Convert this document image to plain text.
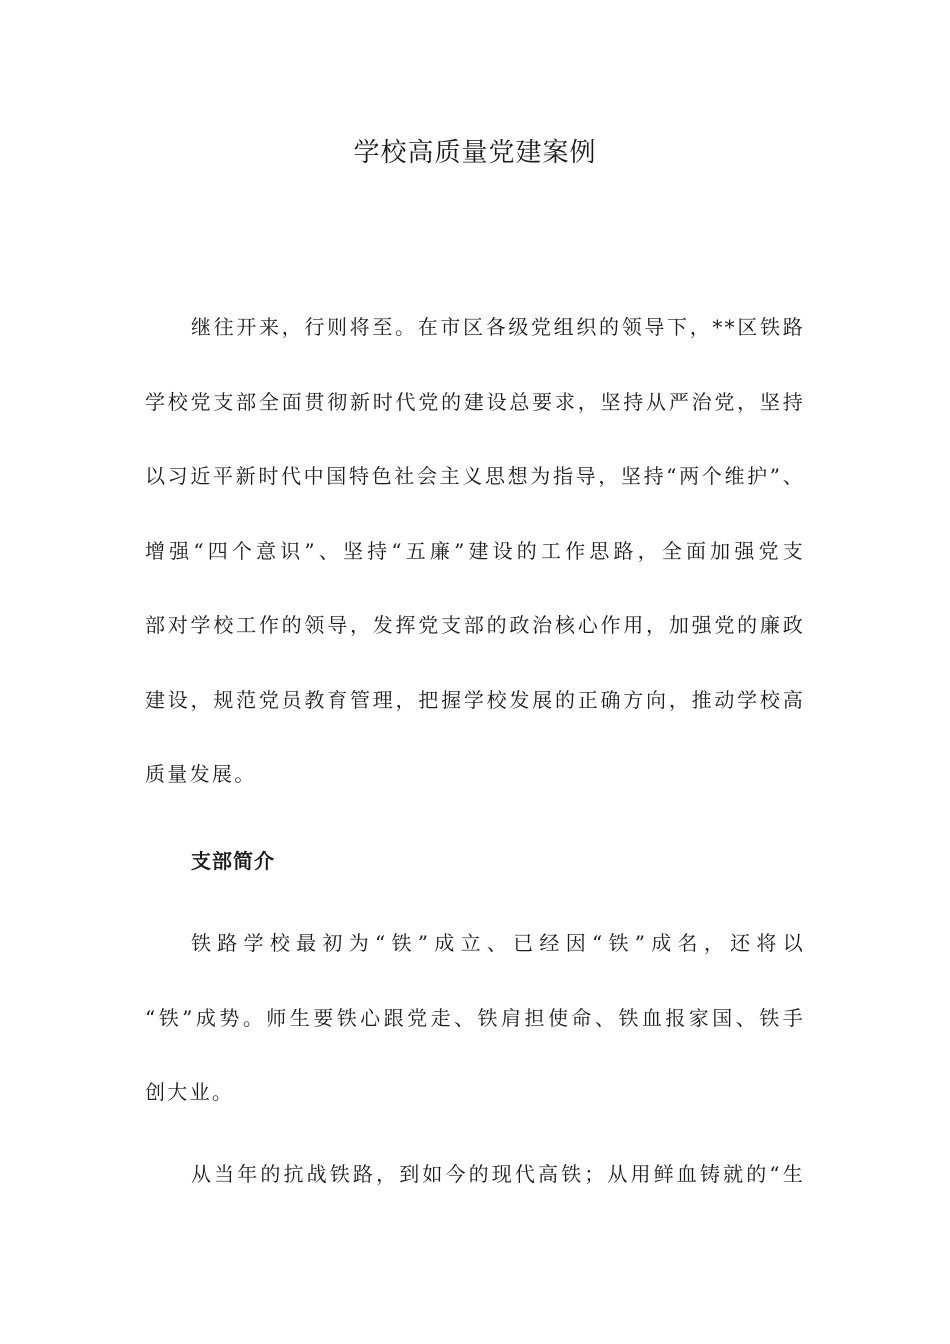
学校高质量党建案例
继往开来，行则将至。在市区各级党组织的领导下，**区铁路
学校党支部全面贯彻新时代党的建设总要求，坚持从严治党，坚持
以习近平新时代中国特色社会主义思想为指导，坚持“两个维护”、
增强“四个意识”、坚持“五廉”建设的工作思路，全面加强党支
部对学校工作的领导，发挥党支部的政治核心作用，加强党的廉政
建设，规范党员教育管理，把握学校发展的正确方向，推动学校高
质量发展。
支部简介
铁路学校最初为“铁”成立、已经因“铁”成名，还将以
“铁”成势。师生要铁心跟党走、铁肩担使命、铁血报家国、铁手
创大业。
从当年的抗战铁路，到如今的现代高铁；从用鲜血铸就的“生
